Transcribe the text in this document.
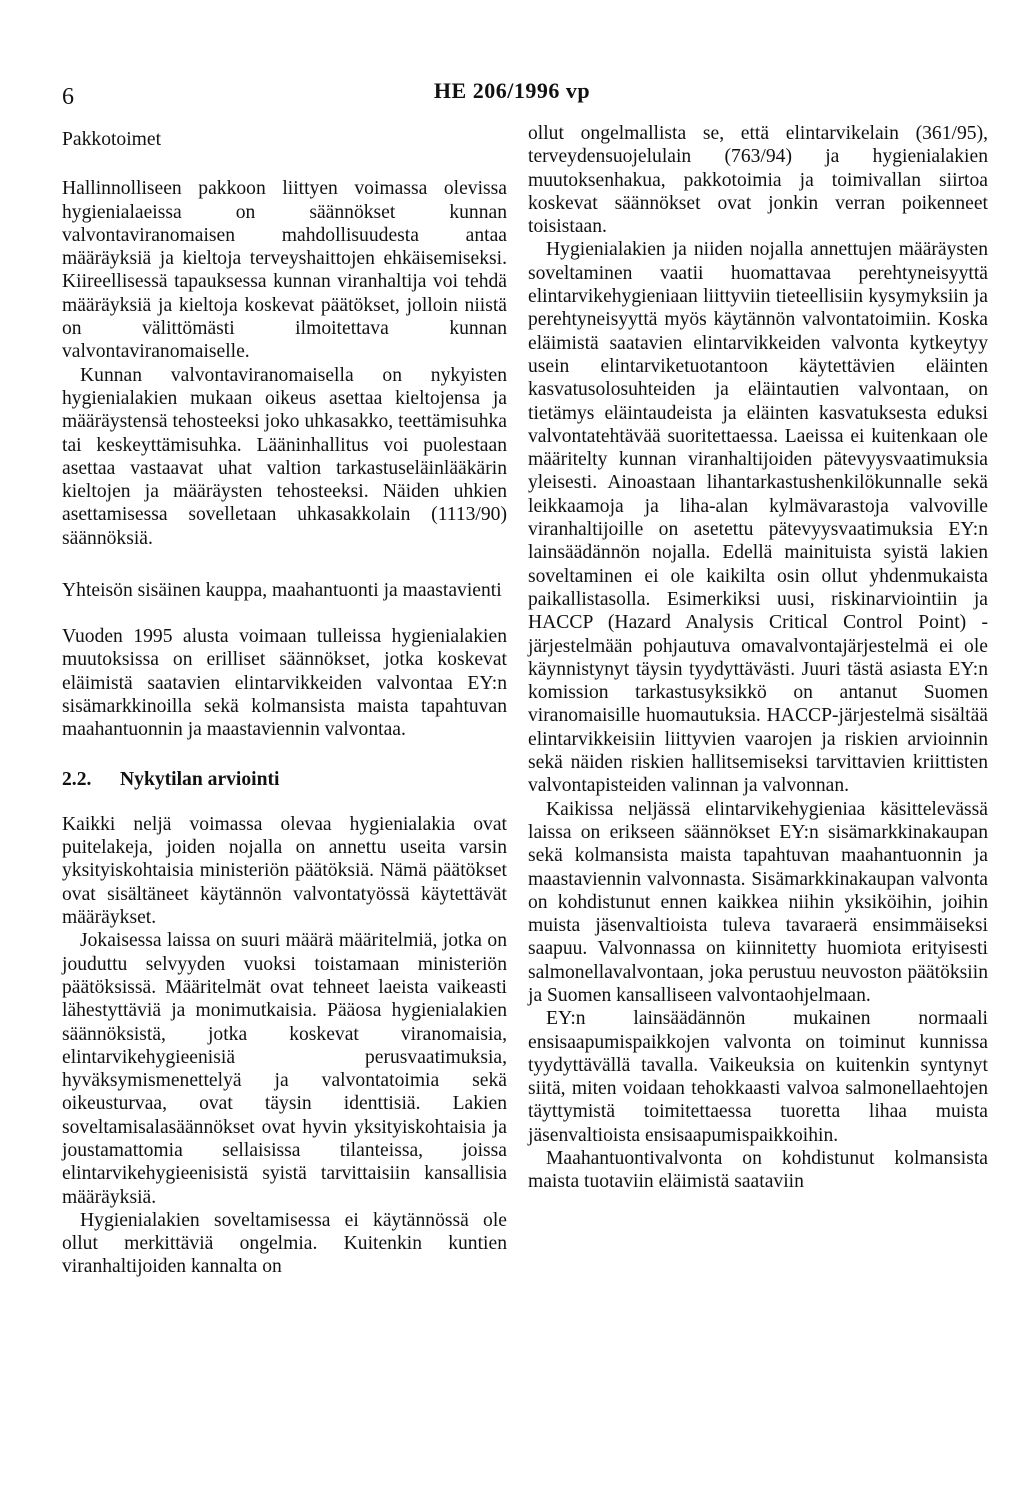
6	HE 206/1996 vp
Pakkotoimet

Hallinnolliseen pakkoon liittyen voimassa olevissa hygienialaeissa on säännökset kunnan valvontaviranomaisen mahdollisuudesta antaa määräyksiä ja kieltoja terveyshaittojen ehkäisemiseksi. Kiireellisessä tapauksessa kunnan viranhaltija voi tehdä määräyksiä ja kieltoja koskevat päätökset, jolloin niistä on välittömästi ilmoitettava kunnan valvontaviranomaiselle.

Kunnan valvontaviranomaisella on nykyisten hygienialakien mukaan oikeus asettaa kieltojensa ja määräystensä tehosteeksi joko uhkasakko, teettämisuhka tai keskeyttämisuhka. Lääninhallitus voi puolestaan asettaa vastaavat uhat valtion tarkastuseläinlääkärin kieltojen ja määräysten tehosteeksi. Näiden uhkien asettamisessa sovelletaan uhkasakkolain (1113/90) säännöksiä.

Yhteisön sisäinen kauppa, maahantuonti ja maastavienti

Vuoden 1995 alusta voimaan tulleissa hygienialakien muutoksissa on erilliset säännökset, jotka koskevat eläimistä saatavien elintarvikkeiden valvontaa EY:n sisämarkkinoilla sekä kolmansista maista tapahtuvan maahantuonnin ja maastaviennin valvontaa.

2.2. Nykytilan arviointi

Kaikki neljä voimassa olevaa hygienialakia ovat puitelakeja, joiden nojalla on annettu useita varsin yksityiskohtaisia ministeriön päätöksiä. Nämä päätökset ovat sisältäneet käytännön valvontatyössä käytettävät määräykset.

Jokaisessa laissa on suuri määrä määritelmiä, jotka on jouduttu selvyyden vuoksi toistamaan ministeriön päätöksissä. Määritelmät ovat tehneet laeista vaikeasti lähestyttäviä ja monimutkaisia. Pääosa hygienialakien säännöksistä, jotka koskevat viranomaisia, elintarvikehygieenisiä perusvaatimuksia, hyväksymismenettelyä ja valvontatoimia sekä oikeusturvaa, ovat täysin identtisiä. Lakien soveltamisalasäännökset ovat hyvin yksityiskohtaisia ja joustamattomia sellaisissa tilanteissa, joissa elintarvikehygieenisistä syistä tarvittaisiin kansallisia määräyksiä.

Hygienialakien soveltamisessa ei käytännössä ole ollut merkittäviä ongelmia. Kuitenkin kuntien viranhaltijoiden kannalta on

ollut ongelmallista se, että elintarvikelain (361/95), terveydensuojelulain (763/94) ja hygienialakien muutoksenhakua, pakkotoimia ja toimivallan siirtoa koskevat säännökset ovat jonkin verran poikenneet toisistaan.

Hygienialakien ja niiden nojalla annettujen määräysten soveltaminen vaatii huomattavaa perehtyneisyyttä elintarvikehygieniaan liittyviin tieteellisiin kysymyksiin ja perehtyneisyyttä myös käytännön valvontatoimiin. Koska eläimistä saatavien elintarvikkeiden valvonta kytkeytyy usein elintarviketuotantoon käytettävien eläinten kasvatusolosuhteiden ja eläintautien valvontaan, on tietämys eläintaudeista ja eläinten kasvatuksesta eduksi valvontatehtävää suoritettaessa. Laeissa ei kuitenkaan ole määritelty kunnan viranhaltijoiden pätevyysvaatimuksia yleisesti. Ainoastaan lihantarkastushenkilökunnalle sekä leikkaamoja ja liha-alan kylmävarastoja valvoville viranhaltijoille on asetettu pätevyysvaatimuksia EY:n lainsäädännön nojalla. Edellä mainituista syistä lakien soveltaminen ei ole kaikilta osin ollut yhdenmukaista paikallistasolla. Esimerkiksi uusi, riskinarviointiin ja HACCP (Hazard Analysis Critical Control Point) -järjestelmään pohjautuva omavalvontajärjestelmä ei ole käynnistynyt täysin tyydyttävästi. Juuri tästä asiasta EY:n komission tarkastusyksikkö on antanut Suomen viranomaisille huomautuksia. HACCP-järjestelmä sisältää elintarvikkeisiin liittyvien vaarojen ja riskien arvioinnin sekä näiden riskien hallitsemiseksi tarvittavien kriittisten valvontapisteiden valinnan ja valvonnan.

Kaikissa neljässä elintarvikehygieniaa käsittelevässä laissa on erikseen säännökset EY:n sisämarkkinakaupan sekä kolmansista maista tapahtuvan maahantuonnin ja maastaviennin valvonnasta. Sisämarkkinakaupan valvonta on kohdistunut ennen kaikkea niihin yksiköihin, joihin muista jäsenvaltioista tuleva tavaraerä ensimmäiseksi saapuu. Valvonnassa on kiinnitetty huomiota erityisesti salmonellavalvontaan, joka perustuu neuvoston päätöksiin ja Suomen kansalliseen valvontaohjelmaan.

EY:n lainsäädännön mukainen normaali ensisaapumispaikkojen valvonta on toiminut kunnissa tyydyttävällä tavalla. Vaikeuksia on kuitenkin syntynyt siitä, miten voidaan tehokkaasti valvoa salmonellaehtojen täyttymistä toimitettaessa tuoretta lihaa muista jäsenvaltioista ensisaapumispaikkoihin.

Maahantuontivalvonta on kohdistunut kolmansista maista tuotaviin eläimistä saataviin
